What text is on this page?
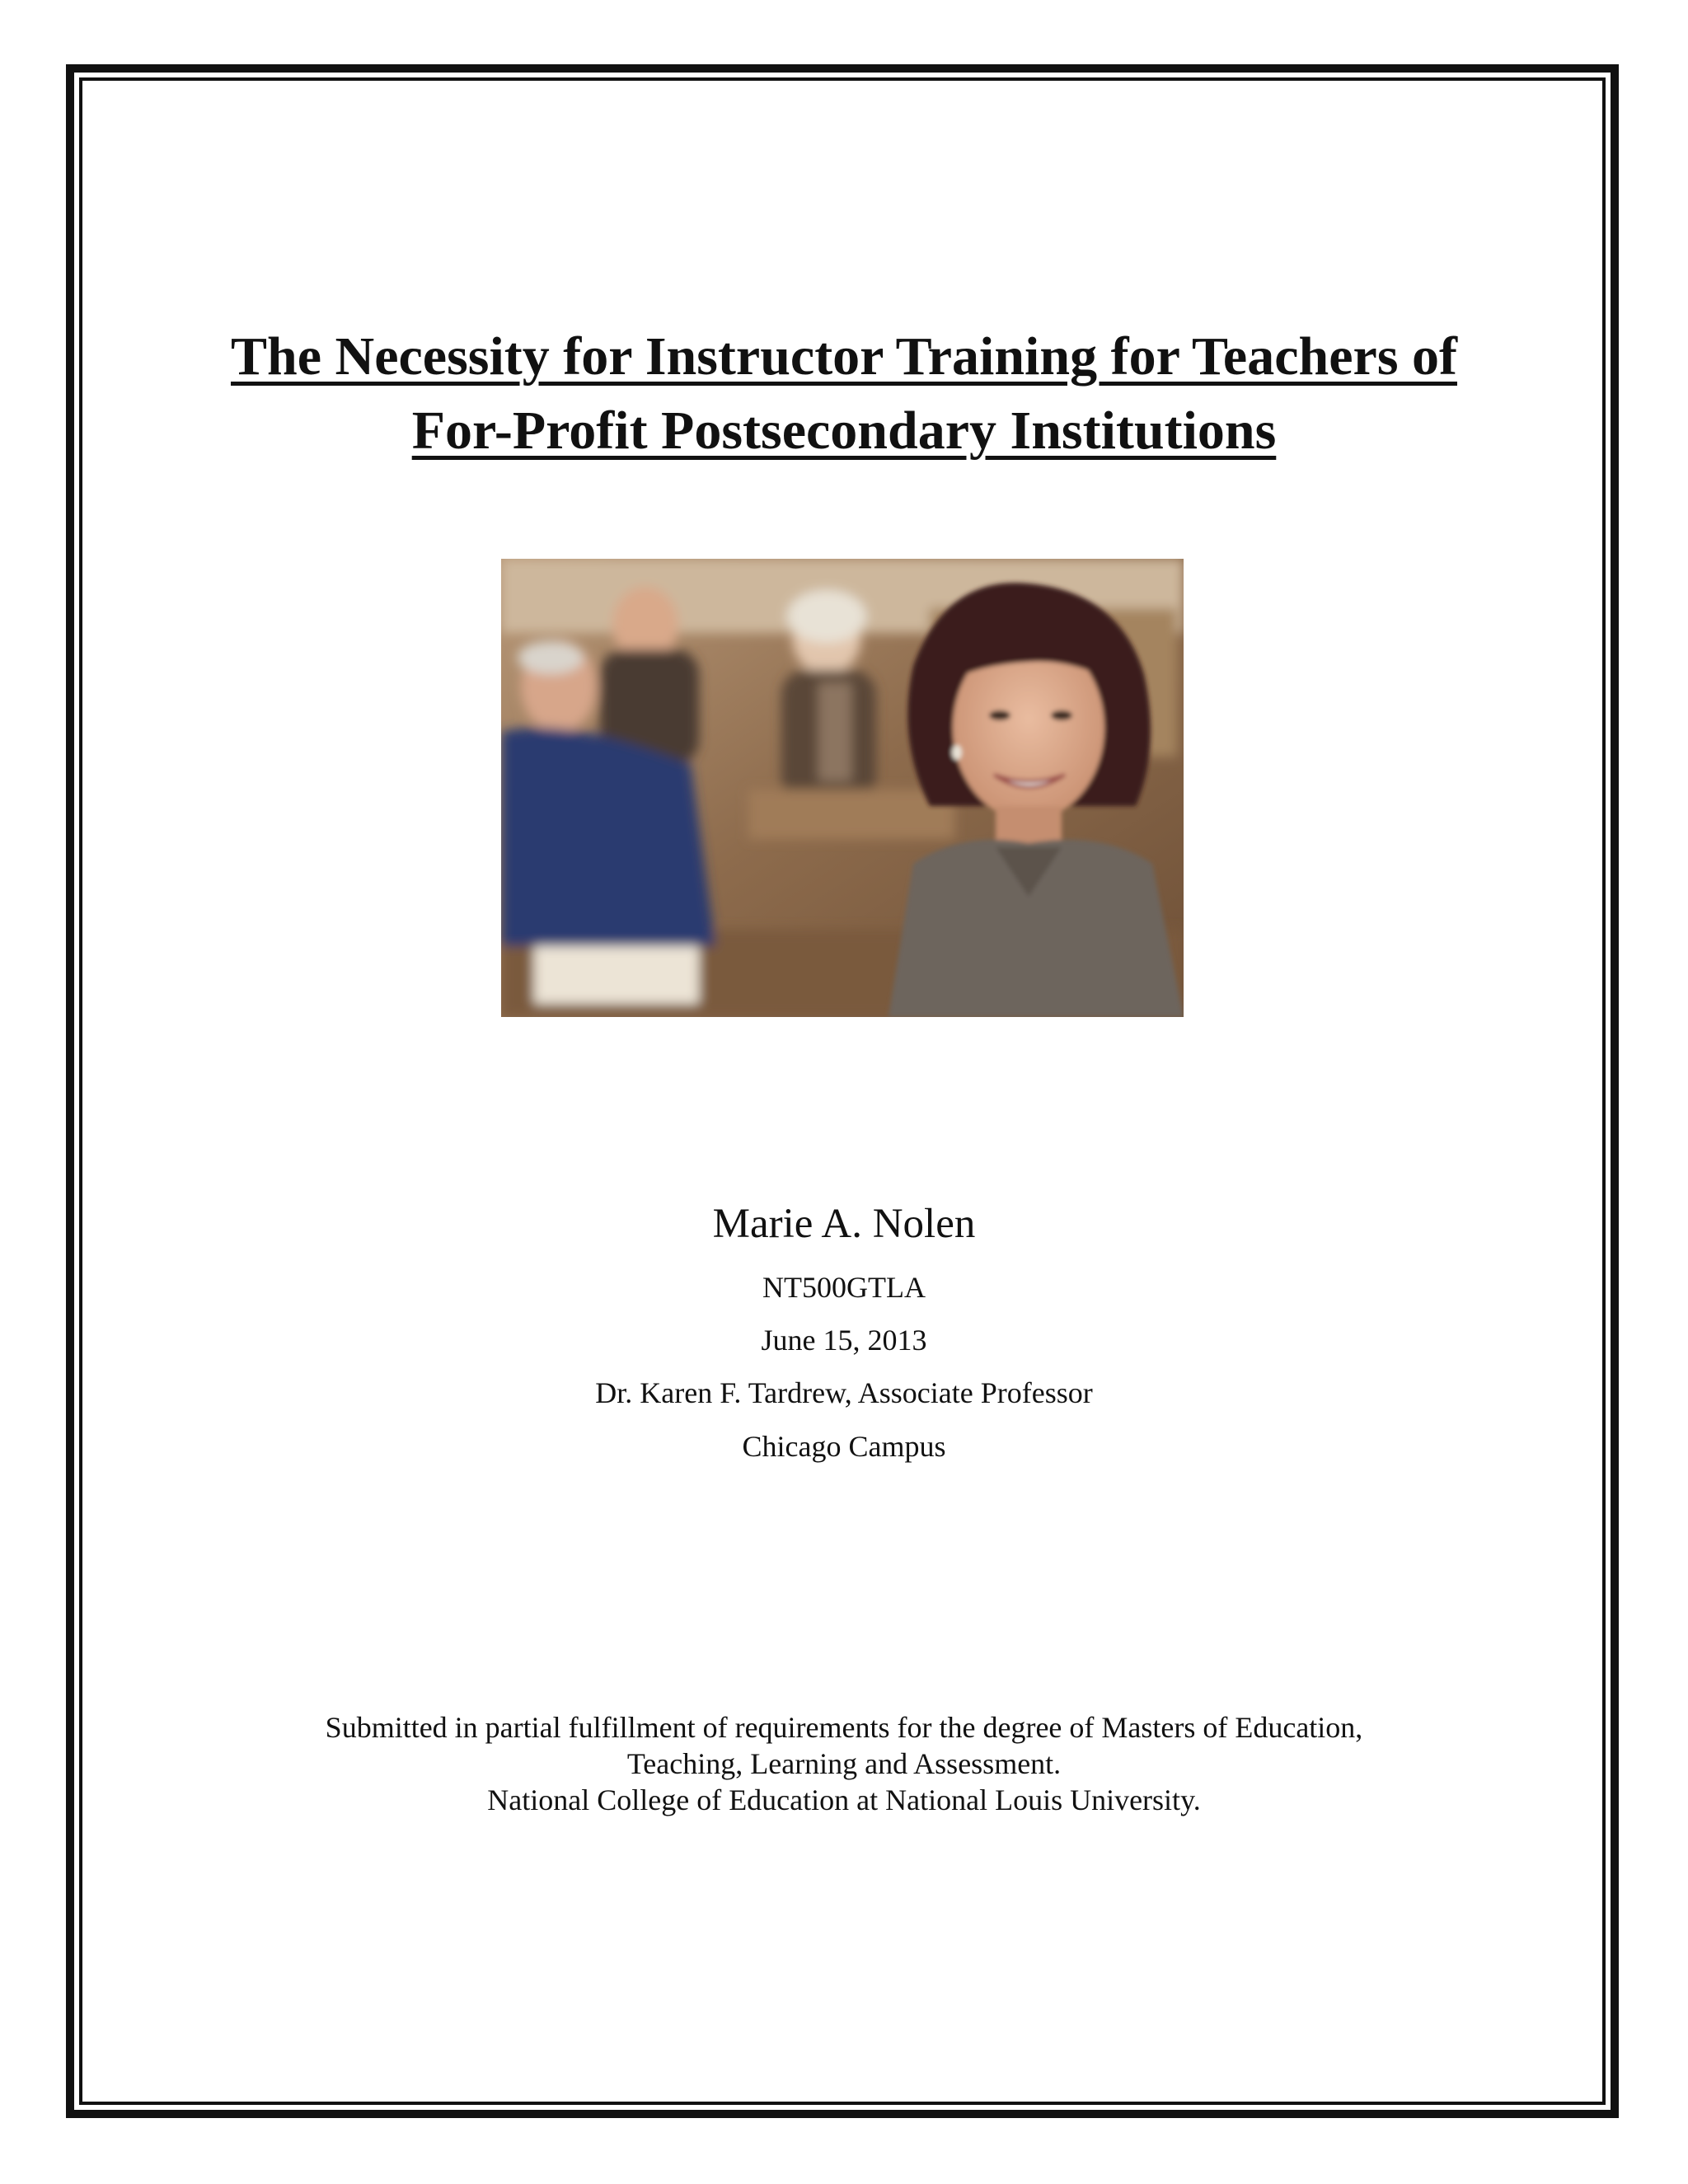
The Necessity for Instructor Training for Teachers of
For-Profit Postsecondary Institutions
Marie A. Nolen
NT500GTLA
June 15, 2013
Dr. Karen F. Tardrew, Associate Professor
Chicago Campus
Submitted in partial fulfillment of requirements for the degree of Masters of Education,
Teaching, Learning and Assessment.
National College of Education at National Louis University.
